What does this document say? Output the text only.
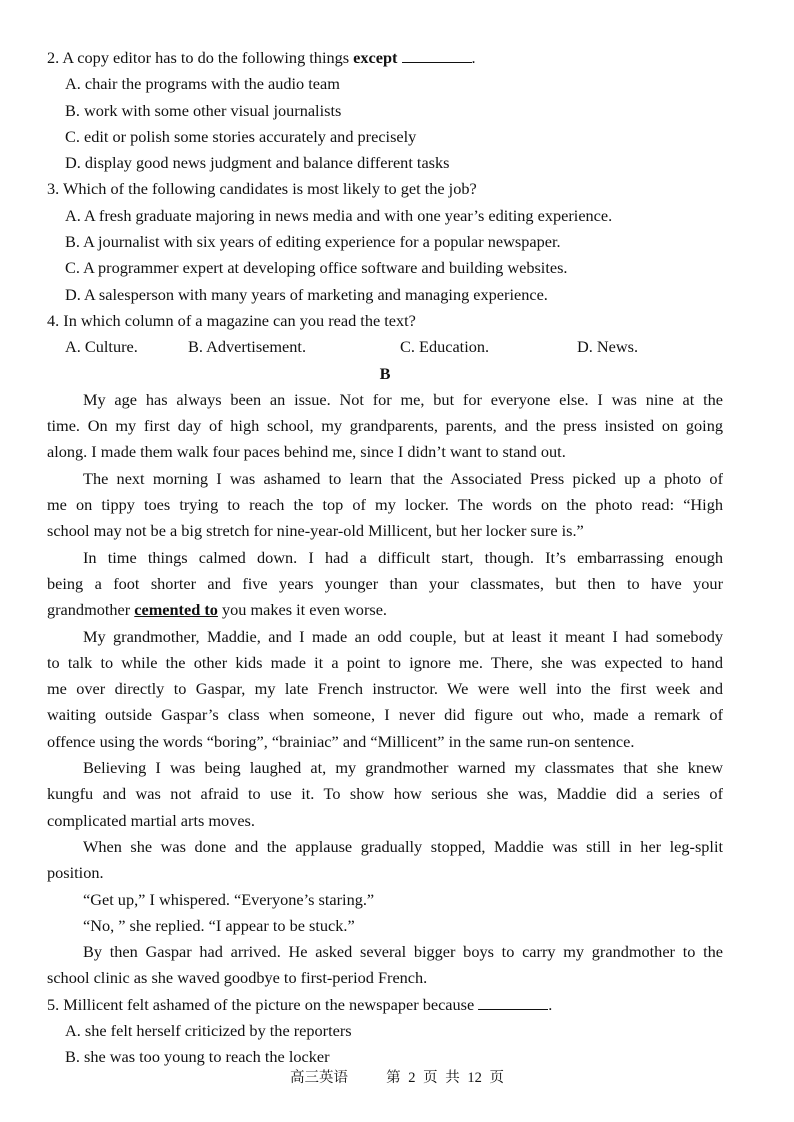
2. A copy editor has to do the following things except	.
A. chair the programs with the audio team
B. work with some other visual journalists
C. edit or polish some stories accurately and precisely
D. display good news judgment and balance different tasks
3. Which of the following candidates is most likely to get the job?
A. A fresh graduate majoring in news media and with one year’s editing experience.
B. A journalist with six years of editing experience for a popular newspaper.
C. A programmer expert at developing office software and building websites.
D. A salesperson with many years of marketing and managing experience.
4. In which column of a magazine can you read the text?
A. Culture.	B. Advertisement.	C. Education.	D. News.
B
My age has always been an issue. Not for me, but for everyone else. I was nine at the
time. On my first day of high school, my grandparents, parents, and the press insisted on going
along. I made them walk four paces behind me, since I didn’t want to stand out.
The next morning I was ashamed to learn that the Associated Press picked up a photo of
me on tippy toes trying to reach the top of my locker. The words on the photo read: “High
school may not be a big stretch for nine-year-old Millicent, but her locker sure is.”
In time things calmed down. I had a difficult start, though. It’s embarrassing enough
being a foot shorter and five years younger than your classmates, but then to have your
grandmother cemented to you makes it even worse.
My grandmother, Maddie, and I made an odd couple, but at least it meant I had somebody
to talk to while the other kids made it a point to ignore me. There, she was expected to hand
me over directly to Gaspar, my late French instructor. We were well into the first week and
waiting outside Gaspar’s class when someone, I never did figure out who, made a remark of
offence using the words “boring”, “brainiac” and “Millicent” in the same run-on sentence.
Believing I was being laughed at, my grandmother warned my classmates that she knew
kungfu and was not afraid to use it. To show how serious she was, Maddie did a series of
complicated martial arts moves.
When she was done and the applause gradually stopped, Maddie was still in her leg-split
position.
“Get up,” I whispered. “Everyone’s staring.”
“No, ” she replied. “I appear to be stuck.”
By then Gaspar had arrived. He asked several bigger boys to carry my grandmother to the
school clinic as she waved goodbye to first-period French.
5. Millicent felt ashamed of the picture on the newspaper because	.
A. she felt herself criticized by the reporters
B. she was too young to reach the locker
高三英语	第 2 页 共 12 页
